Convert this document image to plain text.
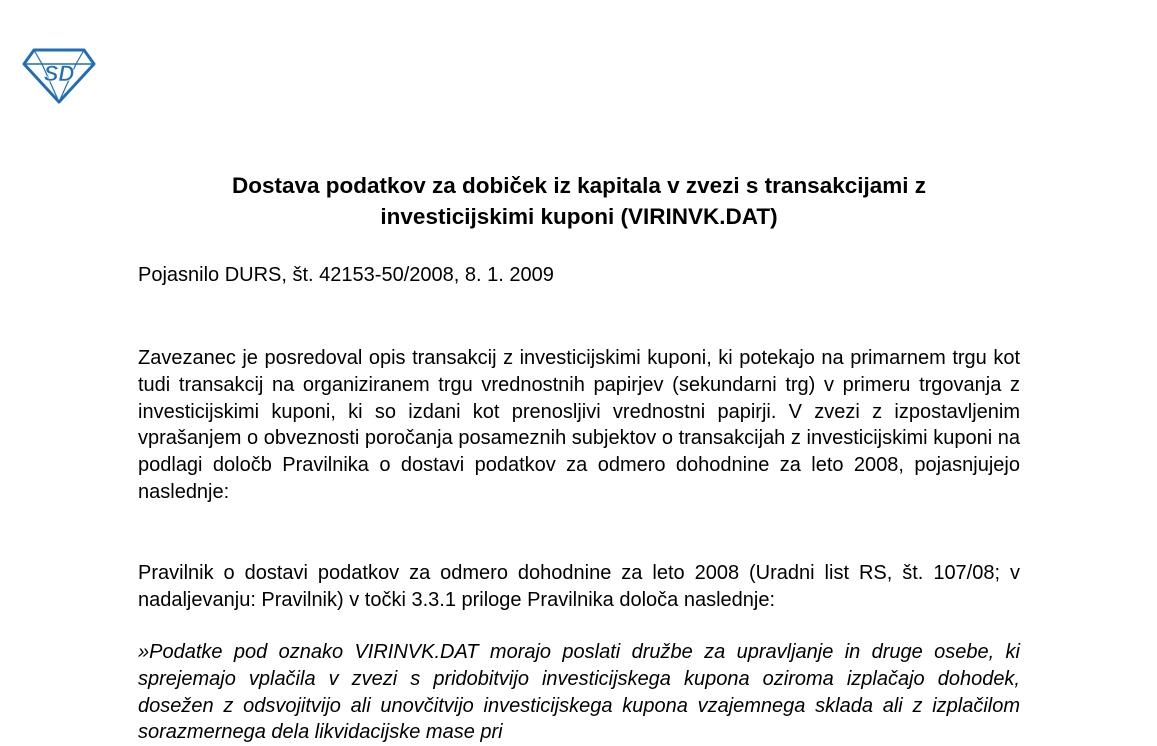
SD
Dostava podatkov za dobiček iz kapitala v zvezi s transakcijami z
investicijskimi kuponi (VIRINVK.DAT)

Pojasnilo DURS, št. 42153-50/2008, 8. 1. 2009

Zavezanec je posredoval opis transakcij z investicijskimi kuponi, ki potekajo na primarnem trgu kot tudi transakcij na organiziranem trgu vrednostnih papirjev (sekundarni trg) v primeru trgovanja z investicijskimi kuponi, ki so izdani kot prenosljivi vrednostni papirji. V zvezi z izpostavljenim vprašanjem o obveznosti poročanja posameznih subjektov o transakcijah z investicijskimi kuponi na podlagi določb Pravilnika o dostavi podatkov za odmero dohodnine za leto 2008, pojasnjujejo naslednje:

Pravilnik o dostavi podatkov za odmero dohodnine za leto 2008 (Uradni list RS, št. 107/08; v nadaljevanju: Pravilnik) v točki 3.3.1 priloge Pravilnika določa naslednje:

»Podatke pod oznako VIRINVK.DAT morajo poslati družbe za upravljanje in druge osebe, ki sprejemajo vplačila v zvezi s pridobitvijo investicijskega kupona oziroma izplačajo dohodek, dosežen z odsvojitvijo ali unovčitvijo investicijskega kupona vzajemnega sklada ali z izplačilom sorazmernega dela likvidacijske mase pri
